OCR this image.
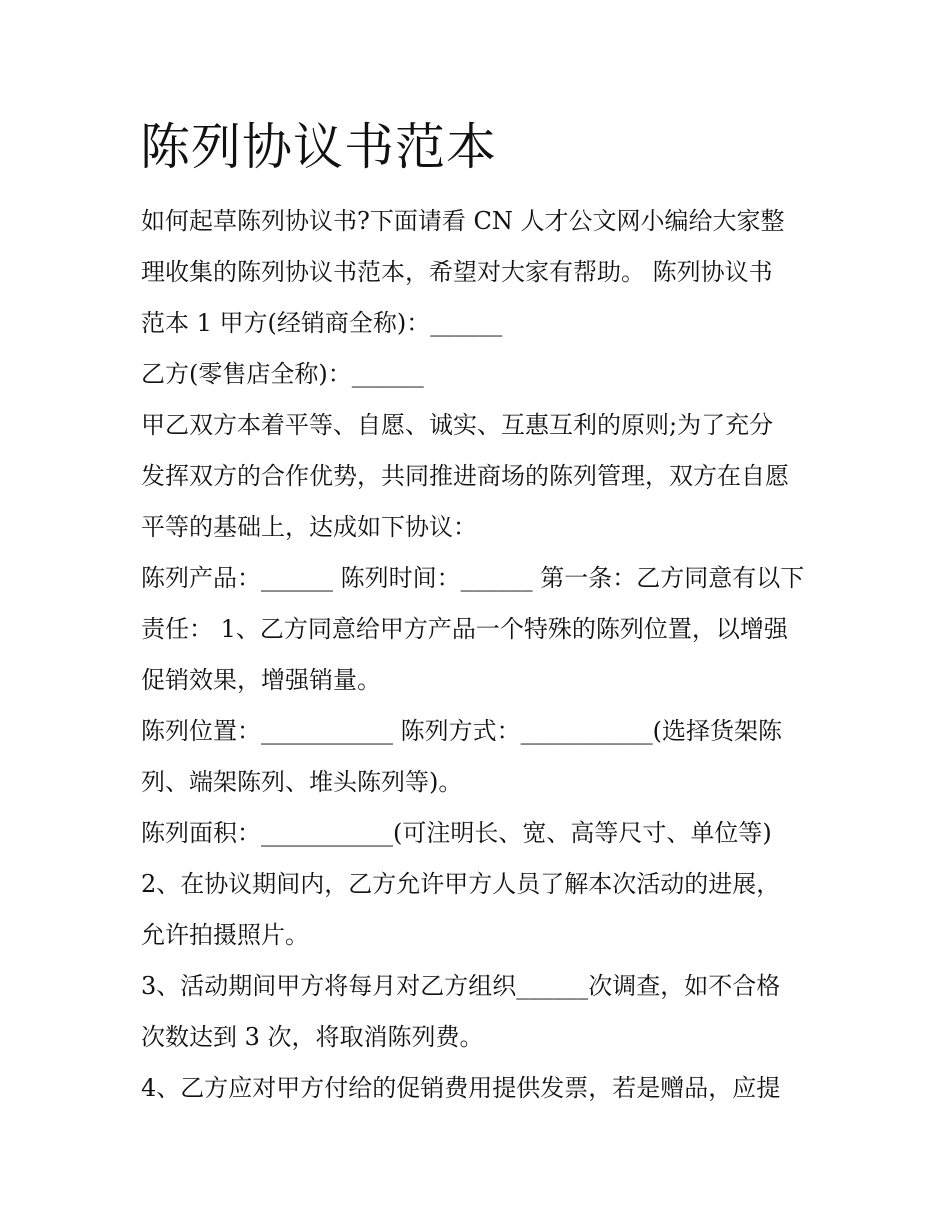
陈列协议书范本
如何起草陈列协议书?下面请看 CN 人才公文网小编给大家整
理收集的陈列协议书范本，希望对大家有帮助。 陈列协议书
范本 1 甲方(经销商全称)：______
乙方(零售店全称)：______
甲乙双方本着平等、自愿、诚实、互惠互利的原则;为了充分
发挥双方的合作优势，共同推进商场的陈列管理，双方在自愿
平等的基础上，达成如下协议：
陈列产品：______ 陈列时间：______ 第一条：乙方同意有以下
责任： 1、乙方同意给甲方产品一个特殊的陈列位置，以增强
促销效果，增强销量。
陈列位置：___________ 陈列方式：___________(选择货架陈
列、端架陈列、堆头陈列等)。
陈列面积：___________(可注明长、宽、高等尺寸、单位等)
2、在协议期间内，乙方允许甲方人员了解本次活动的进展，
允许拍摄照片。
3、活动期间甲方将每月对乙方组织______次调查，如不合格
次数达到 3 次，将取消陈列费。
4、乙方应对甲方付给的促销费用提供发票，若是赠品，应提
